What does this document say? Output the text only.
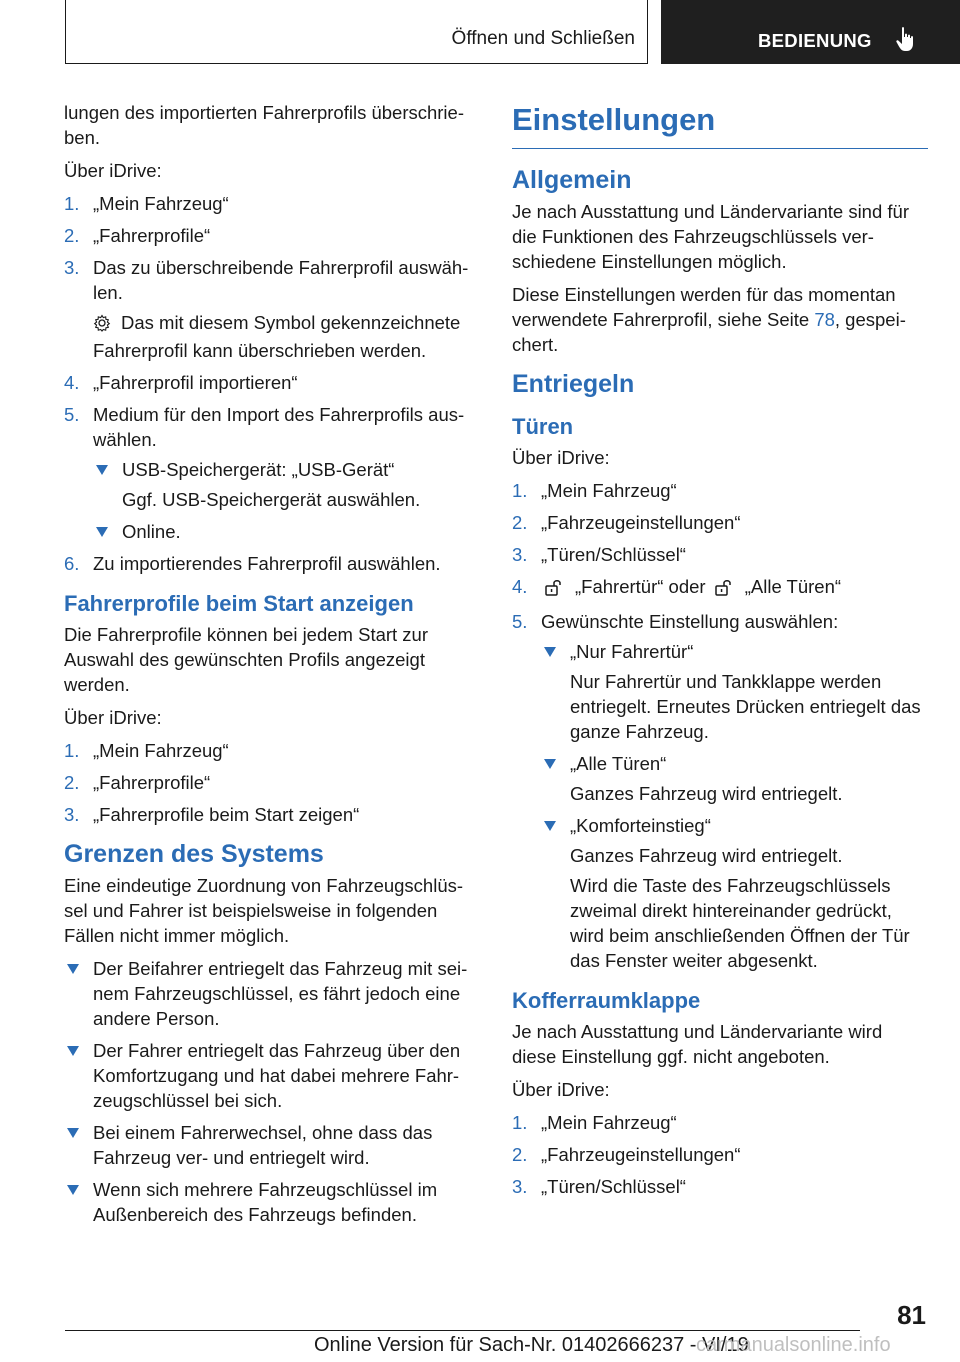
Öffnen und Schließen	BEDIENUNG

lungen des importierten Fahrerprofils überschrie-ben.

Über iDrive:

1. „Mein Fahrzeug“
2. „Fahrerprofile“
3. Das zu überschreibende Fahrerprofil auswäh-len.
Das mit diesem Symbol gekennzeichnete Fahrerprofil kann überschrieben werden.
4. „Fahrerprofil importieren“
5. Medium für den Import des Fahrerprofils aus-wählen.
USB-Speichergerät: „USB-Gerät“
Ggf. USB-Speichergerät auswählen.
Online.
6. Zu importierendes Fahrerprofil auswählen.
Fahrerprofile beim Start anzeigen

Die Fahrerprofile können bei jedem Start zur Auswahl des gewünschten Profils angezeigt werden.

Über iDrive:

1. „Mein Fahrzeug“
2. „Fahrerprofile“
3. „Fahrerprofile beim Start zeigen“
Grenzen des Systems

Eine eindeutige Zuordnung von Fahrzeugschlüs-sel und Fahrer ist beispielsweise in folgenden Fällen nicht immer möglich.

Der Beifahrer entriegelt das Fahrzeug mit sei-nem Fahrzeugschlüssel, es fährt jedoch eine andere Person.
Der Fahrer entriegelt das Fahrzeug über den Komfortzugang und hat dabei mehrere Fahr-zeugschlüssel bei sich.
Bei einem Fahrerwechsel, ohne dass das Fahrzeug ver- und entriegelt wird.
Wenn sich mehrere Fahrzeugschlüssel im Außenbereich des Fahrzeugs befinden.
Einstellungen
Allgemein

Je nach Ausstattung und Ländervariante sind für die Funktionen des Fahrzeugschlüssels ver-schiedene Einstellungen möglich.

Diese Einstellungen werden für das momentan verwendete Fahrerprofil, siehe Seite 78, gespei-chert.

Entriegeln
Türen

Über iDrive:

1. „Mein Fahrzeug“
2. „Fahrzeugeinstellungen“
3. „Türen/Schlüssel“
4.	„Fahrertür“ oder „Alle Türen“
5. Gewünschte Einstellung auswählen:
„Nur Fahrertür“
Nur Fahrertür und Tankklappe werden entriegelt. Erneutes Drücken entriegelt das ganze Fahrzeug.
„Alle Türen“
Ganzes Fahrzeug wird entriegelt.
„Komforteinstieg“
Ganzes Fahrzeug wird entriegelt.
Wird die Taste des Fahrzeugschlüssels zweimal direkt hintereinander gedrückt, wird beim anschließenden Öffnen der Tür das Fenster weiter abgesenkt.
Kofferraumklappe

Je nach Ausstattung und Ländervariante wird diese Einstellung ggf. nicht angeboten.

Über iDrive:

1. „Mein Fahrzeug“
2. „Fahrzeugeinstellungen“
3. „Türen/Schlüssel“
81
Online Version für Sach-Nr. 01402666237 - VI/19
carmanualsonline.info
